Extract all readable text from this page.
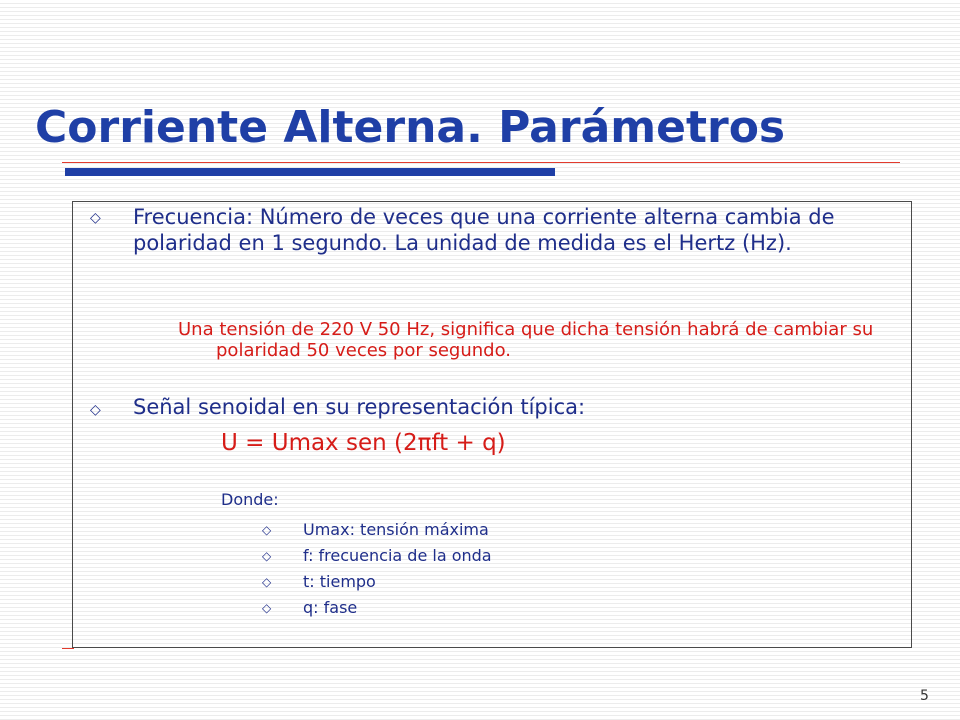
Corriente Alterna. Parámetros
◇ Frecuencia: Número de veces que una corriente alterna cambia de polaridad en 1 segundo. La unidad de medida es el Hertz (Hz).

Una tensión de 220 V 50 Hz, significa que dicha tensión habrá de cambiar su polaridad 50 veces por segundo.

◇ Señal senoidal en su representación típica:

U = Umax sen (2πft + q)

Donde:

◇ Umax: tensión máxima
◇ f: frecuencia de la onda
◇ t: tiempo
◇ q: fase
5
